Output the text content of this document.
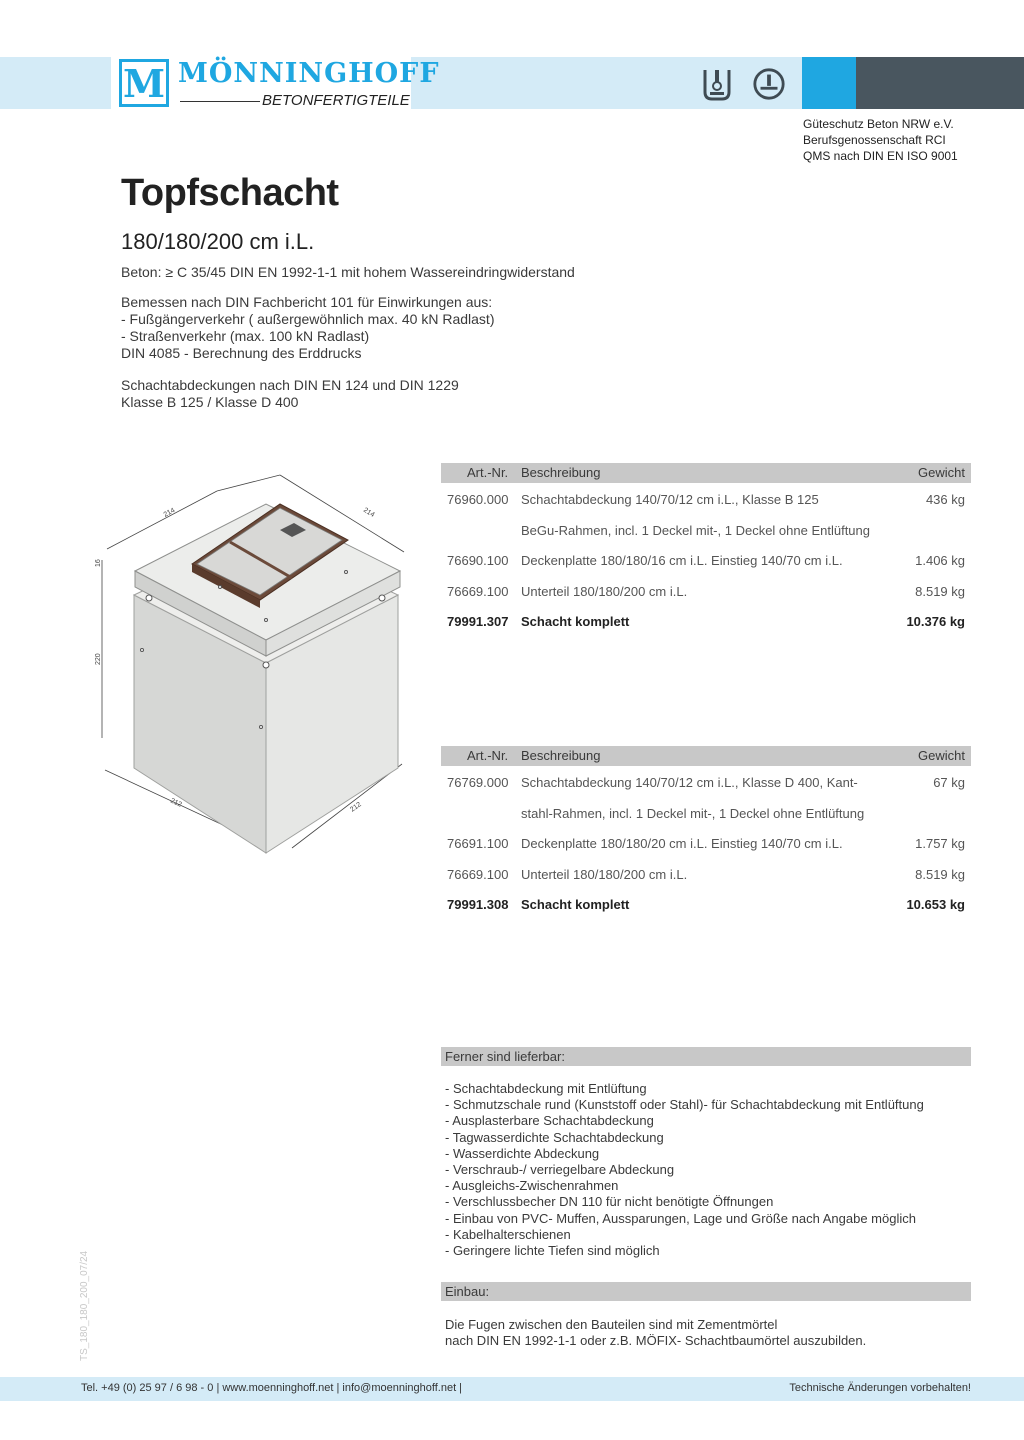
M MÖNNINGHOFF
BETONFERTIGTEILE
Güteschutz Beton NRW e.V.
Berufsgenossenschaft RCI
QMS nach DIN EN ISO 9001
Topfschacht
180/180/200 cm i.L.
Beton: ≥ C 35/45 DIN EN 1992-1-1 mit hohem Wassereindringwiderstand
Bemessen nach DIN Fachbericht 101 für Einwirkungen aus:
- Fußgängerverkehr ( außergewöhnlich max. 40 kN Radlast)
- Straßenverkehr (max. 100 kN Radlast)
DIN 4085 - Berechnung des Erddrucks
Schachtabdeckungen nach DIN EN 124 und DIN 1229
Klasse B 125 / Klasse D 400
214	214
16
220
212	212
Art.-Nr. Beschreibung	Gewicht
76960.000 Schachtabdeckung 140/70/12 cm i.L., Klasse B 125	436 kg
BeGu-Rahmen, incl. 1 Deckel mit-, 1 Deckel ohne Entlüftung
76690.100 Deckenplatte 180/180/16 cm i.L. Einstieg 140/70 cm i.L.	1.406 kg
76669.100 Unterteil 180/180/200 cm i.L.	8.519 kg
79991.307 Schacht komplett	10.376 kg
Art.-Nr. Beschreibung	Gewicht
76769.000 Schachtabdeckung 140/70/12 cm i.L., Klasse D 400, Kant-	67 kg
stahl-Rahmen, incl. 1 Deckel mit-, 1 Deckel ohne Entlüftung
76691.100 Deckenplatte 180/180/20 cm i.L. Einstieg 140/70 cm i.L.	1.757 kg
76669.100 Unterteil 180/180/200 cm i.L.	8.519 kg
79991.308 Schacht komplett	10.653 kg
Ferner sind lieferbar:
- Schachtabdeckung mit Entlüftung
- Schmutzschale rund (Kunststoff oder Stahl)- für Schachtabdeckung mit Entlüftung
- Ausplasterbare Schachtabdeckung
- Tagwasserdichte Schachtabdeckung
- Wasserdichte Abdeckung
- Verschraub-/ verriegelbare Abdeckung
- Ausgleichs-Zwischenrahmen
- Verschlussbecher DN 110 für nicht benötigte Öffnungen
- Einbau von PVC- Muffen, Aussparungen, Lage und Größe nach Angabe möglich
- Kabelhalterschienen
- Geringere lichte Tiefen sind möglich
Einbau:
Die Fugen zwischen den Bauteilen sind mit Zementmörtel
nach DIN EN 1992-1-1 oder z.B. MÖFIX- Schachtbaumörtel auszubilden.
TS_180_180_200_07/24
Tel. +49 (0) 25 97 / 6 98 - 0 | www.moenninghoff.net | info@moenninghoff.net |	Technische Änderungen vorbehalten!
